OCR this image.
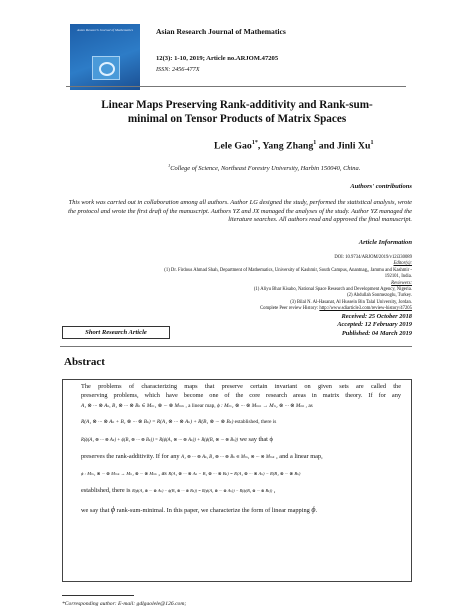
Asian Research Journal of Mathematics	Asian Research Journal of Mathematics
12(3): 1-10, 2019; Article no.ARJOM.47205
ISSN: 2456-477X
Linear Maps Preserving Rank-additivity and Rank-sum-
minimal on Tensor Products of Matrix Spaces
Lele Gao$^{1*}$, Yang Zhang$^1$ and Jinli Xu$^1$
$^1$College of Science, Northeast Forestry University, Harbin 150040, China.
Authors' contributions
This work was carried out in collaboration among all authors. Author LG designed the study, performed the statistical analysis, wrote the protocol and wrote the first draft of the manuscript. Authors YZ and JX managed the analyses of the study. Author YZ managed the literature searches. All authors read and approved the final manuscript.
Article Information
DOI: 10.9734/ARJOM/2019/v12i330089
Editor(s):
(1) Dr. Firdous Ahmad Shah, Department of Mathematics, University of Kashmir, South Campus, Anantnag,, Jammu and Kashmir -
192101, India.
Reviewers:
(1) Aliyu Bhar Kisabo, National Space Research and Development Agency, Nigeria.
(2) Abdullah Sonmezoglu, Turkey.
(3) Bilal N. Al-Hasanat, Al Hussein Bin Talal University, Jordan.
Complete Peer review History: http://www.sdiarticle3.com/review-history/47205
Received: 25 October 2018
Accepted: 12 February 2019
Published: 04 March 2019
Short Research Article
Abstract
The problems of characterizing maps that preserve certain invariant on given sets are called the
preserving problems, which have become one of the core research areas in matrix theory. If for any
A₁ ⊗ ··· ⊗ Aₖ, B₁ ⊗ ··· ⊗ Bₖ ∈ Mₘ₁ ⊗ ··· ⊗ Mₘₖ , a linear map, ϕ : Mₘ₁ ⊗ ··· ⊗ Mₘₖ → Mₙ₁ ⊗ ··· ⊗ Mₙₖ , as
R(A₁ ⊗ ··· ⊗ Aₖ + B₁ ⊗ ··· ⊗ Bₖ) = R(A₁ ⊗ ··· ⊗ Aₖ) + R(B₁ ⊗ ··· ⊗ Bₖ) established, there is
R(ϕ(A₁ ⊗ ··· ⊗ Aₖ) + ϕ(B₁ ⊗ ··· ⊗ Bₖ)) = R(ϕ(A₁ ⊗ ··· ⊗ Aₖ)) + R(ϕ(B₁ ⊗ ··· ⊗ Bₖ)) we say that ϕ
preserves the rank-additivity. If for any A₁ ⊗ ··· ⊗ Aₖ, B₁ ⊗ ··· ⊗ Bₖ ∈ Mₘ₁ ⊗ ··· ⊗ Mₘₖ , and a linear map,
ϕ : Mₘ₁ ⊗ ··· ⊗ Mₘₖ → Mₙ₁ ⊗ ··· ⊗ Mₙₖ , as R(A₁ ⊗ ··· ⊗ Aₖ − B₁ ⊗ ··· ⊗ Bₖ) = R(A₁ ⊗ ··· ⊗ Aₖ) − R(B₁ ⊗ ··· ⊗ Bₖ)
established, there is R(ϕ(A₁ ⊗ ··· ⊗ Aₖ) − ϕ(B₁ ⊗ ··· ⊗ Bₖ)) = R(ϕ(A₁ ⊗ ··· ⊗ Aₖ)) − R(ϕ(B₁ ⊗ ··· ⊗ Bₖ)) ,
we say that ϕ rank-sum-minimal. In this paper, we characterize the form of linear mapping ϕ.
*Corresponding author: E-mail: gdlgaolele@126.com;
